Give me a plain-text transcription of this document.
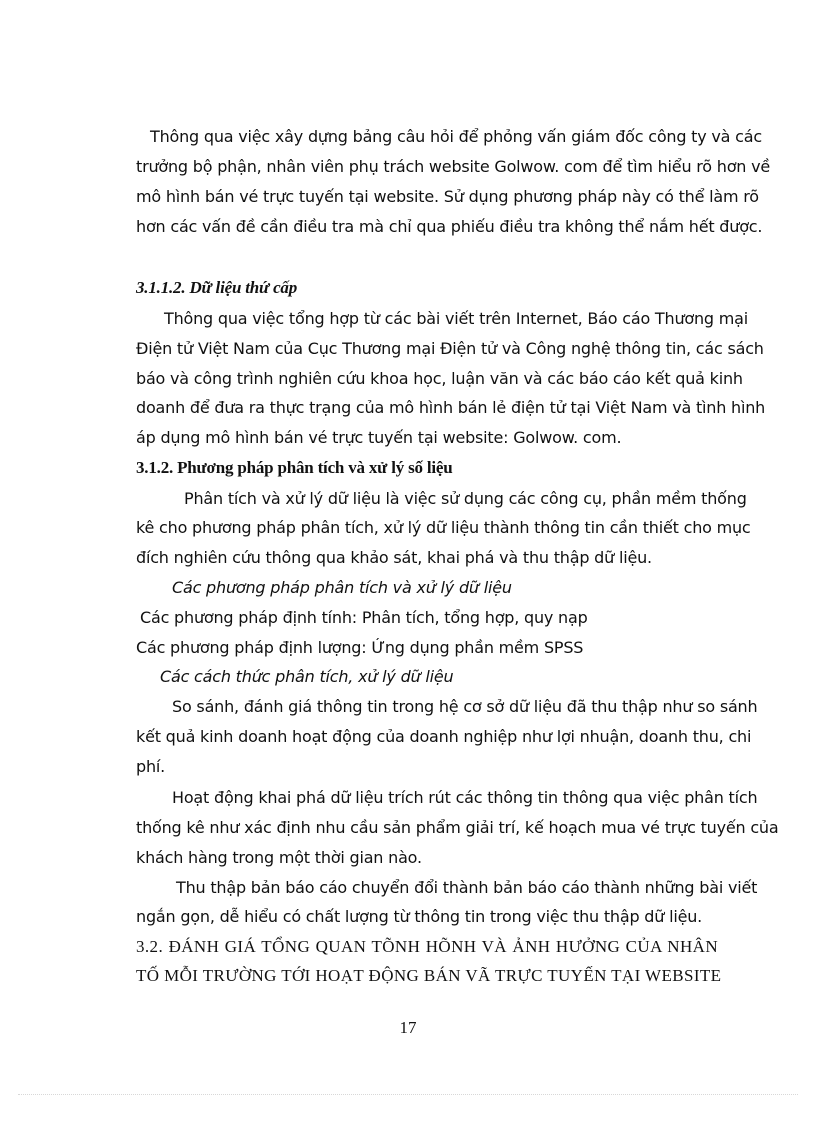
Thông qua việc xây dựng bảng câu hỏi để phỏng vấn giám đốc công ty và các
trưởng bộ phận, nhân viên phụ trách website Golwow. com để tìm hiểu rõ hơn về
mô hình bán vé trực tuyến tại website. Sử dụng phương pháp này có thể làm rõ
hơn các vấn đề cần điều tra mà chỉ qua phiếu điều tra không thể nắm hết được.
3.1.1.2. Dữ liệu thứ cấp
Thông qua việc tổng hợp từ các bài viết trên Internet, Báo cáo Thương mại
Điện tử Việt Nam của Cục Thương mại Điện tử và Công nghệ thông tin, các sách
báo và công trình nghiên cứu khoa học, luận văn và các báo cáo kết quả kinh
doanh để đưa ra thực trạng của mô hình bán lẻ điện tử tại Việt Nam và tình hình
áp dụng mô hình bán vé trực tuyến tại website: Golwow. com.
3.1.2. Phương pháp phân tích và xử lý số liệu
Phân tích và xử lý dữ liệu là việc sử dụng các công cụ, phần mềm thống
kê cho phương pháp phân tích, xử lý dữ liệu thành thông tin cần thiết cho mục
đích nghiên cứu thông qua khảo sát, khai phá và thu thập dữ liệu.
Các phương pháp phân tích và xử lý dữ liệu
Các phương pháp định tính: Phân tích, tổng hợp, quy nạp
Các phương pháp định lượng: Ứng dụng phần mềm SPSS
Các cách thức phân tích, xử lý dữ liệu
So sánh, đánh giá thông tin trong hệ cơ sở dữ liệu đã thu thập như so sánh
kết quả kinh doanh hoạt động của doanh nghiệp như lợi nhuận, doanh thu, chi
phí.
Hoạt động khai phá dữ liệu trích rút các thông tin thông qua việc phân tích
thống kê như xác định nhu cầu sản phẩm giải trí, kế hoạch mua vé trực tuyến của
khách hàng trong một thời gian nào.
Thu thập bản báo cáo chuyển đổi thành bản báo cáo thành những bài viết
ngắn gọn, dễ hiểu có chất lượng từ thông tin trong việc thu thập dữ liệu.
3.2. ĐÁNH GIÁ TỔNG QUAN TÕNH HÕNH VÀ ẢNH HƯỞNG CỦA NHÂN
TỐ MỖI TRƯỜNG TỚI HOẠT ĐỘNG BÁN VÃ TRỰC TUYẾN TẠI WEBSITE
17
